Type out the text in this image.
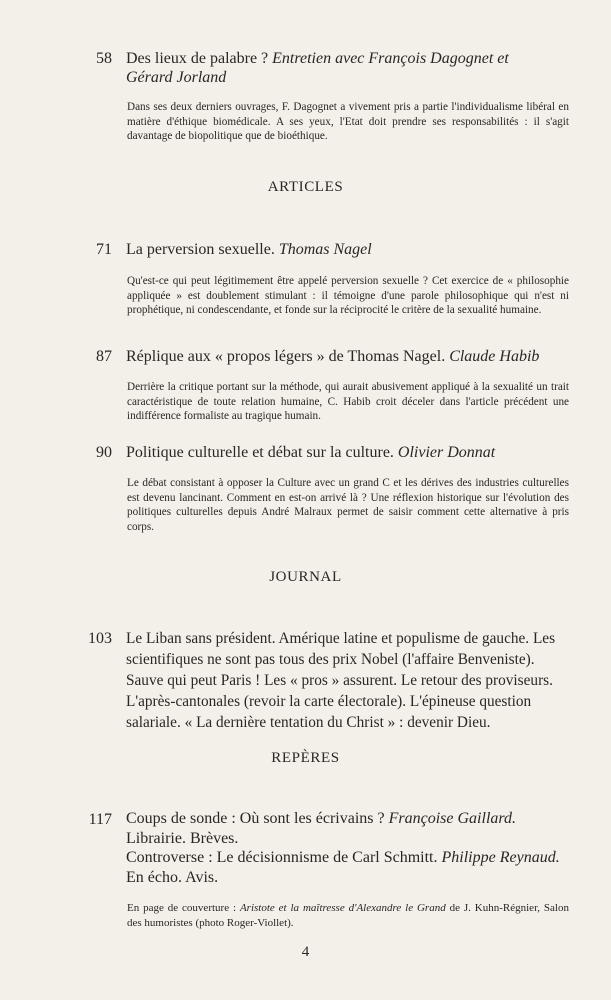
58 Des lieux de palabre ? Entretien avec François Dagognet et
Gérard Jorland
Dans ses deux derniers ouvrages, F. Dagognet a vivement pris a partie l'individualisme libéral en matière d'éthique biomédicale. A ses yeux, l'Etat doit prendre ses responsabilités : il s'agit davantage de biopolitique que de bioéthique.
ARTICLES
71 La perversion sexuelle. Thomas Nagel
Qu'est-ce qui peut légitimement être appelé perversion sexuelle ? Cet exercice de « philosophie appliquée » est doublement stimulant : il témoigne d'une parole philosophique qui n'est ni prophétique, ni condescendante, et fonde sur la réciprocité le critère de la sexualité humaine.
87 Réplique aux « propos légers » de Thomas Nagel. Claude Habib
Derrière la critique portant sur la méthode, qui aurait abusivement appliqué à la sexualité un trait caractéristique de toute relation humaine, C. Habib croit déceler dans l'article précédent une indifférence formaliste au tragique humain.
90 Politique culturelle et débat sur la culture. Olivier Donnat
Le débat consistant à opposer la Culture avec un grand C et les dérives des industries culturelles est devenu lancinant. Comment en est-on arrivé là ? Une réflexion historique sur l'évolution des politiques culturelles depuis André Malraux permet de saisir comment cette alternative à pris corps.
JOURNAL
103 Le Liban sans président. Amérique latine et populisme de gauche. Les
scientifiques ne sont pas tous des prix Nobel (l'affaire Benveniste).
Sauve qui peut Paris ! Les « pros » assurent. Le retour des proviseurs.
L'après-cantonales (revoir la carte électorale). L'épineuse question
salariale. « La dernière tentation du Christ » : devenir Dieu.
REPÈRES
117 Coups de sonde : Où sont les écrivains ? Françoise Gaillard.
Librairie. Brèves.
Controverse : Le décisionnisme de Carl Schmitt. Philippe Reynaud.
En écho. Avis.
En page de couverture : Aristote et la maîtresse d'Alexandre le Grand de J. Kuhn-Régnier, Salon des humoristes (photo Roger-Viollet).
4
